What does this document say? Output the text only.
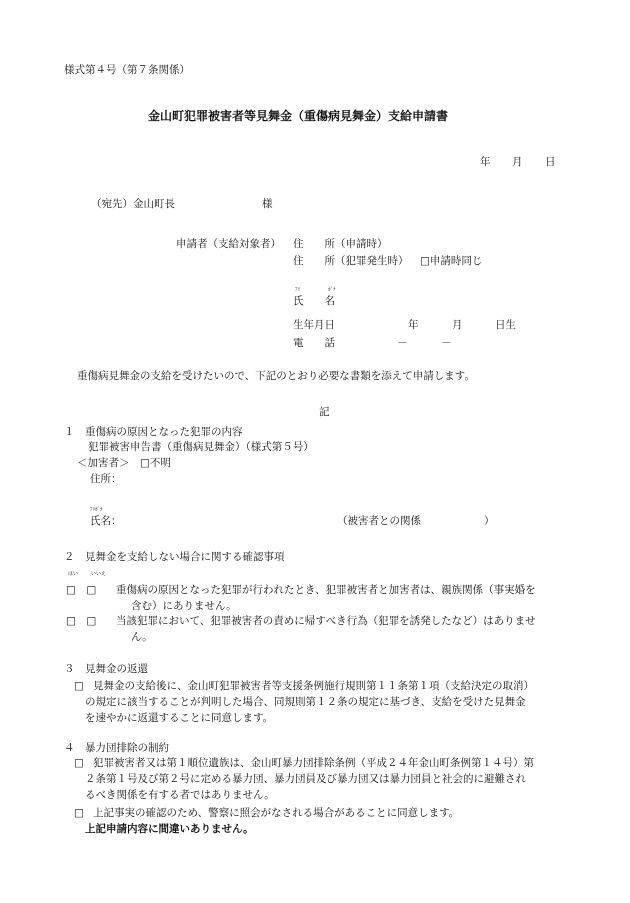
様式第４号（第７条関係）
金山町犯罪被害者等見舞金（重傷病見舞金）支給申請書
年 月 日
（宛先）金山町長	様
申請者（支給対象者） 住　　所（申請時）
住　　所（犯罪発生時） □申請時同じ
ﾌﾘ	ｶﾞﾅ
氏　　名
生年月日	年	月	日生
電　　話	－	－
重傷病見舞金の支給を受けたいので、下記のとおり必要な書類を添えて申請します。
記
１　重傷病の原因となった犯罪の内容
犯罪被害申告書（重傷病見舞金）（様式第５号）
＜加害者＞　□不明
住所：
ﾌﾘｶﾞﾅ
氏名：	（被害者との関係　　　　　　）
２　見舞金を支給しない場合に関する確認事項
はい	いいえ
□　□ 重傷病の原因となった犯罪が行われたとき、犯罪被害者と加害者は、親族関係（事実婚を
含む）にありません。
□　□ 当該犯罪において、犯罪被害者の責めに帰すべき行為（犯罪を誘発したなど）はありませ
ん。
３　見舞金の返還
□ 見舞金の支給後に、金山町犯罪被害者等支援条例施行規則第１１条第１項（支給決定の取消）
の規定に該当することが判明した場合、同規則第１２条の規定に基づき、支給を受けた見舞金
を速やかに返還することに同意します。
４　暴力団排除の制約
□ 犯罪被害者又は第１順位遺族は、金山町暴力団排除条例（平成２４年金山町条例第１４号）第
２条第１号及び第２号に定める暴力団、暴力団員及び暴力団又は暴力団員と社会的に避難され
るべき関係を有する者ではありません。
□ 上記事実の確認のため、警察に照会がなされる場合があることに同意します。
上記申請内容に間違いありません。
